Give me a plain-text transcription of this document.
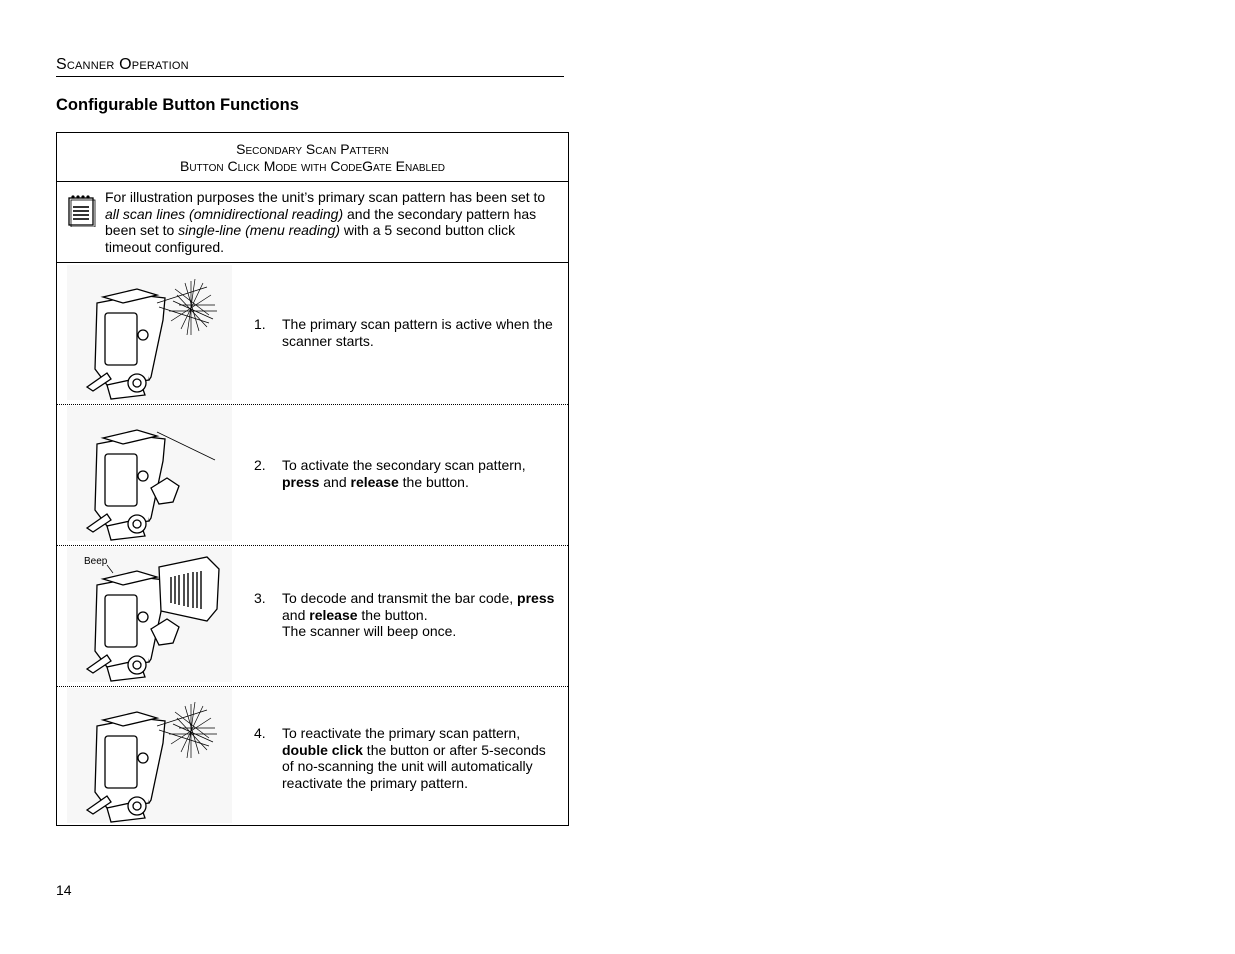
Scanner Operation
Configurable Button Functions
Secondary Scan Pattern
Button Click Mode with CodeGate Enabled
For illustration purposes the unit’s primary scan pattern has been set to all scan lines (omnidirectional reading) and the secondary pattern has been set to single-line (menu reading) with a 5 second button click timeout configured.
1.	The primary scan pattern is active when the scanner starts.
2.	To activate the secondary scan pattern, press and release the button.
Beep
3.	To decode and transmit the bar code, press and release the button.
The scanner will beep once.
4.	To reactivate the primary scan pattern, double click the button or after 5-seconds of no-scanning the unit will automatically reactivate the primary pattern.
14
